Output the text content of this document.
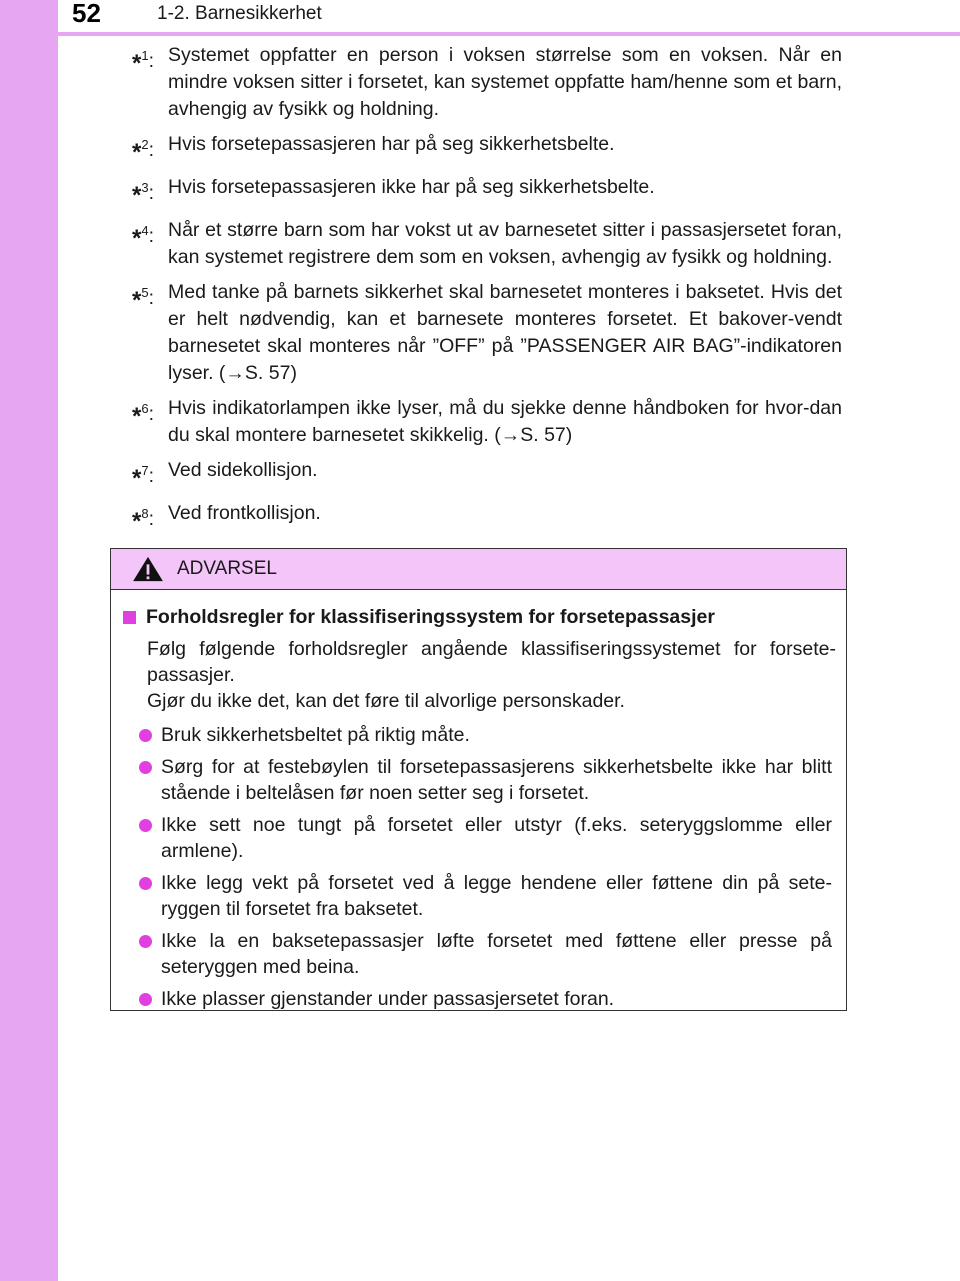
52	1-2. Barnesikkerhet
*$^1$: Systemet oppfatter en person i voksen størrelse som en voksen. Når en mindre voksen sitter i forsetet, kan systemet oppfatte ham/henne som et barn, avhengig av fysikk og holdning.
*$^2$: Hvis forsetepassasjeren har på seg sikkerhetsbelte.
*$^3$: Hvis forsetepassasjeren ikke har på seg sikkerhetsbelte.
*$^4$: Når et større barn som har vokst ut av barnesetet sitter i passasjersetet foran, kan systemet registrere dem som en voksen, avhengig av fysikk og holdning.
*$^5$: Med tanke på barnets sikkerhet skal barnesetet monteres i baksetet. Hvis det er helt nødvendig, kan et barnesete monteres forsetet. Et bakover-vendt barnesetet skal monteres når ”OFF” på ”PASSENGER AIR BAG”-indikatoren lyser. (→S. 57)
*$^6$: Hvis indikatorlampen ikke lyser, må du sjekke denne håndboken for hvor-dan du skal montere barnesetet skikkelig. (→S. 57)
*$^7$: Ved sidekollisjon.
*$^8$: Ved frontkollisjon.
ADVARSEL
Forholdsregler for klassifiseringssystem for forsetepassasjer
Følg følgende forholdsregler angående klassifiseringssystemet for forsete-passasjer.
Gjør du ikke det, kan det føre til alvorlige personskader.
Bruk sikkerhetsbeltet på riktig måte.
Sørg for at festebøylen til forsetepassasjerens sikkerhetsbelte ikke har blitt stående i beltelåsen før noen setter seg i forsetet.
Ikke sett noe tungt på forsetet eller utstyr (f.eks. seteryggslomme eller armlene).
Ikke legg vekt på forsetet ved å legge hendene eller føttene din på sete-ryggen til forsetet fra baksetet.
Ikke la en baksetepassasjer løfte forsetet med føttene eller presse på seteryggen med beina.
Ikke plasser gjenstander under passasjersetet foran.
